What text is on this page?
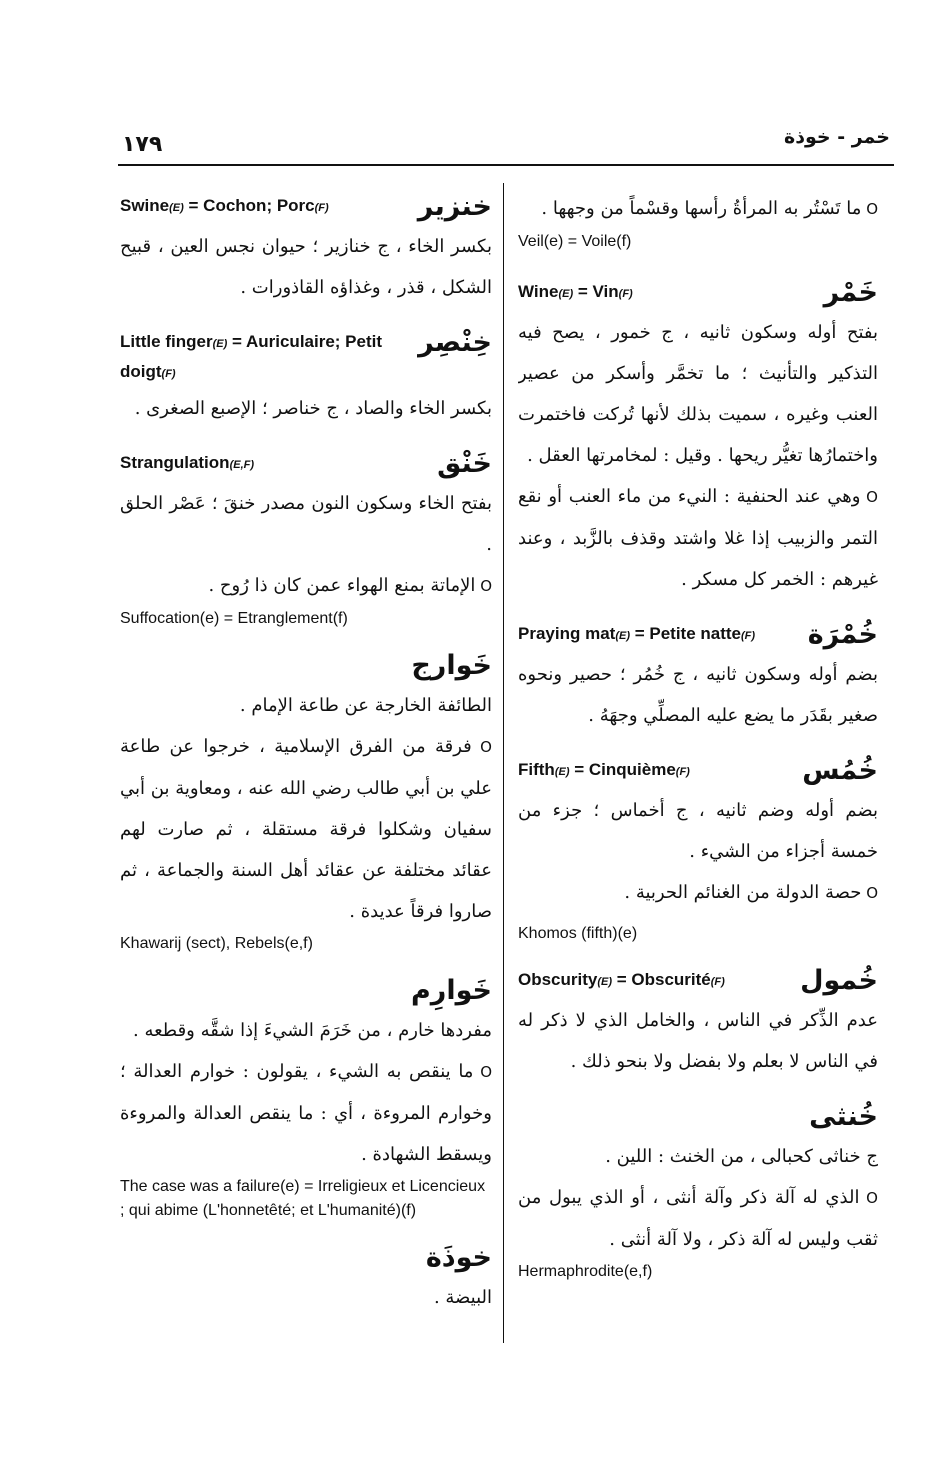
١٧٩	خمر - خوذة

O ما تَسْتُر به المرأةُ رأسها وقسْماً من وجهها .

Veil(e) = Voile(f)

Wine(E) = Vin(F)	خَمْر

بفتح أوله وسكون ثانيه ، ج خمور ، يصح فيه التذكير والتأنيث ؛ ما تخمَّر وأسكر من عصير العنب وغيره ، سميت بذلك لأنها تُركت فاختمرت واختمارُها تغيُّر ريحها . وقيل : لمخامرتها العقل .

O وهي عند الحنفية : النيء من ماء العنب أو نقع التمر والزبيب إذا غلا واشتد وقذف بالزَّبد ، وعند غيرهم : الخمر كل مسكر .

Praying mat(E) = Petite natte(F) خُمْرَة

بضم أوله وسكون ثانيه ، ج خُمُر ؛ حصير ونحوه صغير بقَدَر ما يضع عليه المصلِّي وجهَهُ .

Fifth(E) = Cinquième(F)	خُمُس

بضم أوله وضم ثانيه ، ج أخماس ؛ جزء من خمسة أجزاء من الشيء .

O حصة الدولة من الغنائم الحربية .

Khomos (fifth)(e)

Obscurity(E) = Obscurité(F)	خُمول

عدم الذِّكر في الناس ، والخامل الذي لا ذكر له في الناس لا بعلم ولا بفضل ولا بنحو ذلك .

خُنثى

ج خناثى كحبالى ، من الخنث : اللين .

O الذي له آلة ذكر وآلة أنثى ، أو الذي يبول من ثقب وليس له آلة ذكر ، ولا آلة أنثى .

Hermaphrodite(e,f)

Swine(E) = Cochon; Porc(F)	خنزير

بكسر الخاء ، ج خنازير ؛ حيوان نجس العين ، قبيح الشكل ، قذر ، وغذاؤه القاذورات .

Little finger(E) = Auriculaire; Petit doigt(F)
خِنْصِر

بكسر الخاء والصاد ، ج خناصر ؛ الإصبع الصغرى .

Strangulation(E,F)	خَنْق

بفتح الخاء وسكون النون مصدر خنقَ ؛ عَصْر الحلق .

O الإماتة بمنع الهواء عمن كان ذا رُوح .

Suffocation(e) = Etranglement(f)

خَوارج

الطائفة الخارجة عن طاعة الإمام .

O فرقة من الفرق الإسلامية ، خرجوا عن طاعة علي بن أبي طالب رضي الله عنه ، ومعاوية بن أبي سفيان وشكلوا فرقة مستقلة ، ثم صارت لهم عقائد مختلفة عن عقائد أهل السنة والجماعة ، ثم صاروا فرقاً عديدة .

Khawarij (sect), Rebels(e,f)

خَوارِم

مفردها خارم ، من خَرَمَ الشيءَ إذا شقَّه وقطعه .

O ما ينقص به الشيء ، يقولون : خوارم العدالة ؛ وخوارم المروءة ، أي : ما ينقص العدالة والمروءة ويسقط الشهادة .

The case was a failure(e) = Irreligieux et Licencieux ; qui abime (L'honnetêté; et L'humanité)(f)

خوذَة

البيضة .
